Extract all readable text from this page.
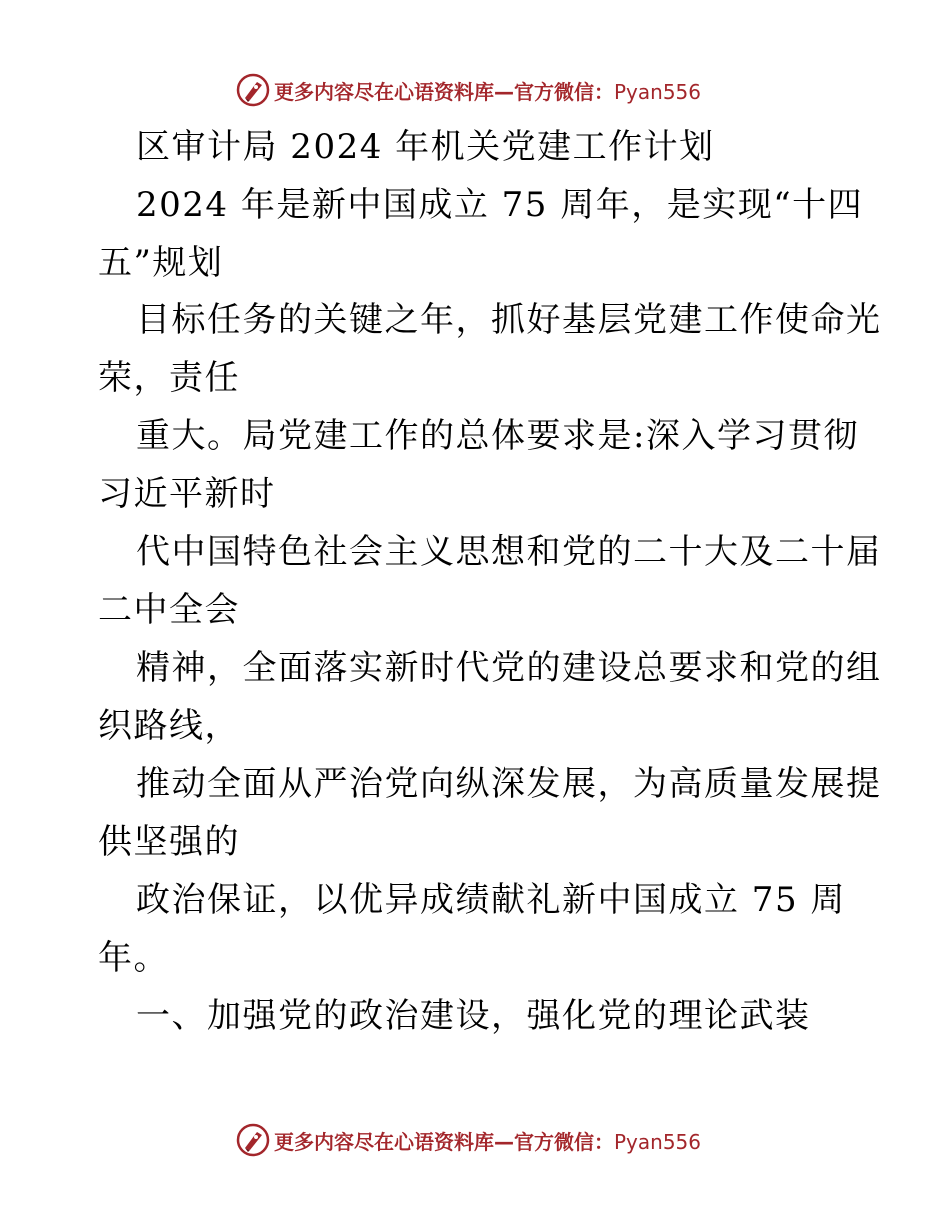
更多内容尽在心语资料库—官方微信：Pyan556
区审计局 2024 年机关党建工作计划
2024 年是新中国成立 75 周年，是实现“十四
五”规划
目标任务的关键之年，抓好基层党建工作使命光
荣，责任
重大。局党建工作的总体要求是:深入学习贯彻
习近平新时
代中国特色社会主义思想和党的二十大及二十届
二中全会
精神，全面落实新时代党的建设总要求和党的组
织路线，
推动全面从严治党向纵深发展，为高质量发展提
供坚强的
政治保证，以优异成绩献礼新中国成立 75 周
年。
一、加强党的政治建设，强化党的理论武装
更多内容尽在心语资料库—官方微信：Pyan556
